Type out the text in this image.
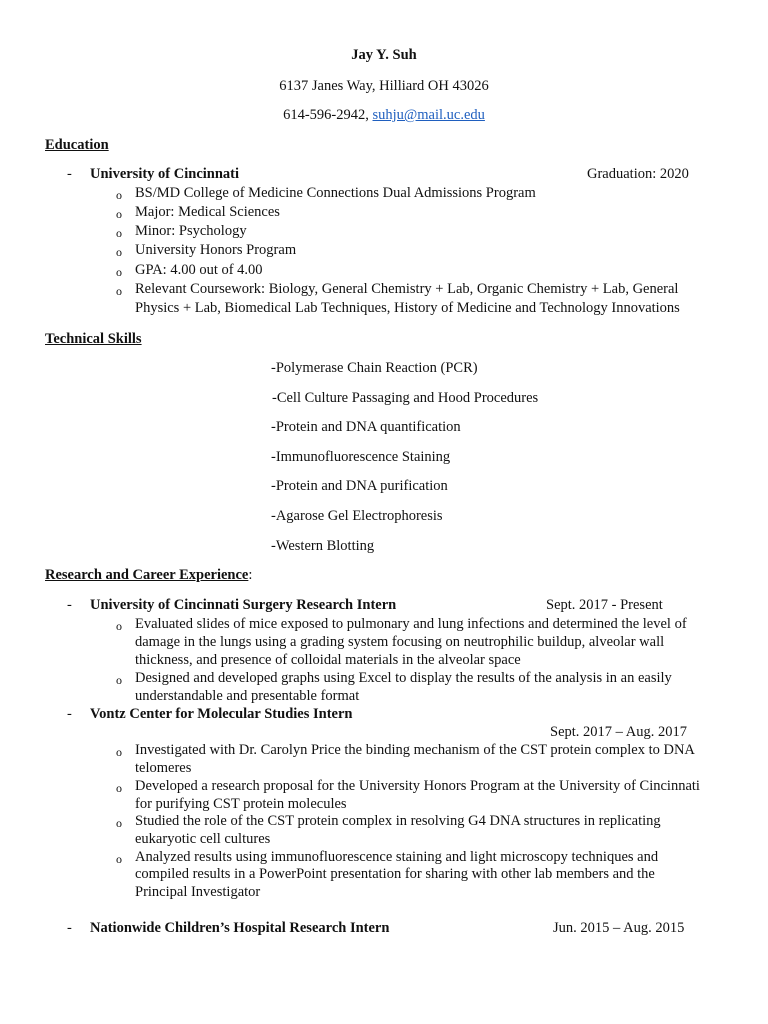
Jay Y. Suh
6137 Janes Way, Hilliard OH 43026
614-596-2942, suhju@mail.uc.edu
Education
- University of Cincinnati	Graduation: 2020
o BS/MD College of Medicine Connections Dual Admissions Program
o Major: Medical Sciences
o Minor: Psychology
o University Honors Program
o GPA: 4.00 out of 4.00
o Relevant Coursework: Biology, General Chemistry + Lab, Organic Chemistry + Lab, General
Physics + Lab, Biomedical Lab Techniques, History of Medicine and Technology Innovations
Technical Skills
-Polymerase Chain Reaction (PCR)
-Cell Culture Passaging and Hood Procedures
-Protein and DNA quantification
-Immunofluorescence Staining
-Protein and DNA purification
-Agarose Gel Electrophoresis
-Western Blotting
Research and Career Experience:
- University of Cincinnati Surgery Research Intern	Sept. 2017 - Present
o Evaluated slides of mice exposed to pulmonary and lung infections and determined the level of
damage in the lungs using a grading system focusing on neutrophilic buildup, alveolar wall
thickness, and presence of colloidal materials in the alveolar space
o Designed and developed graphs using Excel to display the results of the analysis in an easily
understandable and presentable format
- Vontz Center for Molecular Studies Intern
Sept. 2017 – Aug. 2017
o Investigated with Dr. Carolyn Price the binding mechanism of the CST protein complex to DNA
telomeres
o Developed a research proposal for the University Honors Program at the University of Cincinnati
for purifying CST protein molecules
o Studied the role of the CST protein complex in resolving G4 DNA structures in replicating
eukaryotic cell cultures
o Analyzed results using immunofluorescence staining and light microscopy techniques and
compiled results in a PowerPoint presentation for sharing with other lab members and the
Principal Investigator
- Nationwide Children’s Hospital Research Intern	Jun. 2015 – Aug. 2015
